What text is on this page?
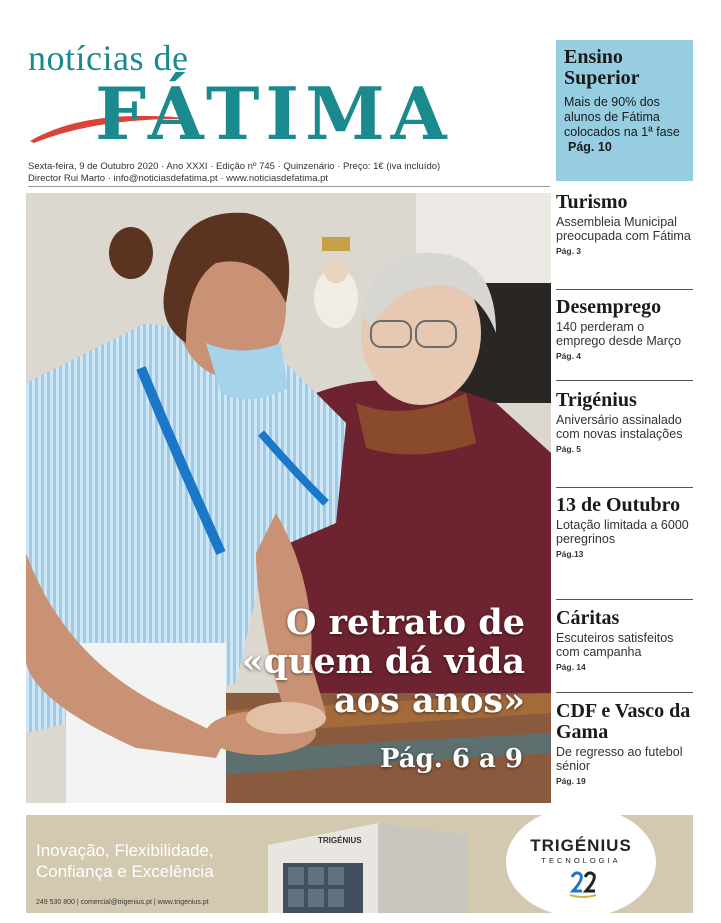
notícias de
FÁTIMA
Sexta-feira, 9 de Outubro 2020 · Ano XXXI · Edição nº 745 · Quinzenário · Preço: 1€ (iva incluído)
Director Rui Marto · info@noticiasdefatima.pt · www.noticiasdefatima.pt
Ensino Superior
Mais de 90% dos alunos de Fátima colocados na 1ª fase Pág. 10
O retrato de
«quem dá vida
aos anos»
Pág. 6 a 9
Turismo
Assembleia Municipal preocupada com Fátima
Pág. 3
Desemprego
140 perderam o emprego desde Março
Pág. 4
Trigénius
Aniversário assinalado com novas instalações
Pág. 5
13 de Outubro
Lotação limitada a 6000 peregrinos
Pág.13
Cáritas
Escuteiros satisfeitos com campanha
Pág. 14
CDF e Vasco da Gama
De regresso ao futebol sénior
Pág. 19
Inovação, Flexibilidade,
Confiança e Excelência
249 530 800 | comercial@trigenius.pt | www.trigenius.pt
TRIGÉNIUS	TRIGÉNIUS
TECNOLOGIA
